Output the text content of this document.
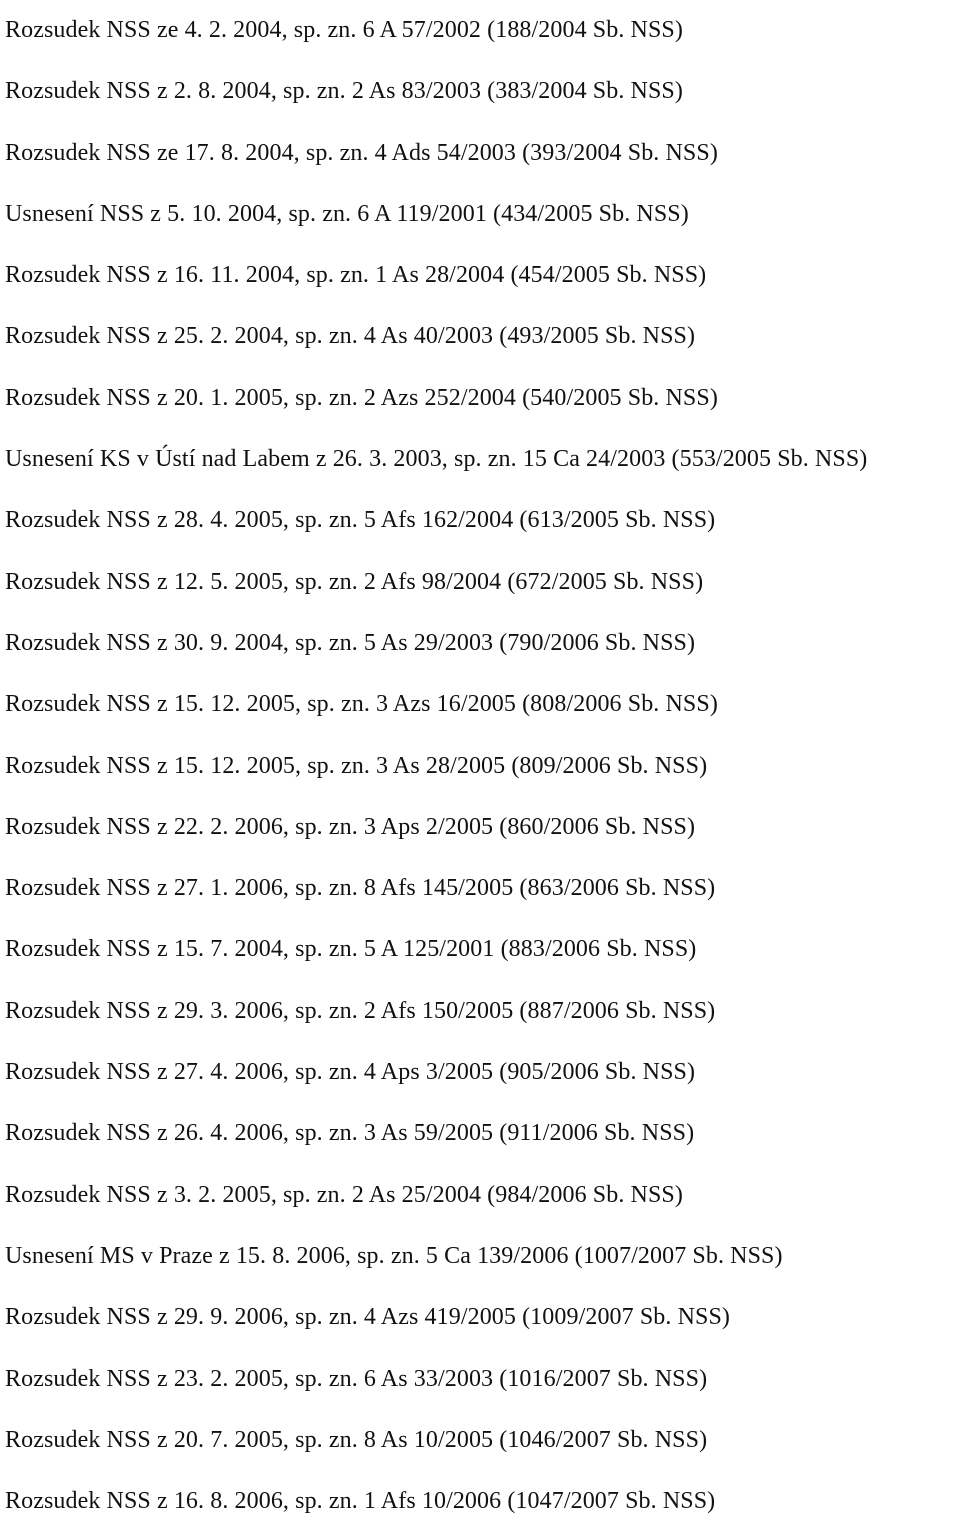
Rozsudek NSS ze 4. 2. 2004, sp. zn. 6 A 57/2002 (188/2004 Sb. NSS)
Rozsudek NSS z 2. 8. 2004, sp. zn. 2 As 83/2003 (383/2004 Sb. NSS)
Rozsudek NSS ze 17. 8. 2004, sp. zn. 4 Ads 54/2003 (393/2004 Sb. NSS)
Usnesení NSS z 5. 10. 2004, sp. zn. 6 A 119/2001 (434/2005 Sb. NSS)
Rozsudek NSS z 16. 11. 2004, sp. zn. 1 As 28/2004 (454/2005 Sb. NSS)
Rozsudek NSS z 25. 2. 2004, sp. zn. 4 As 40/2003 (493/2005 Sb. NSS)
Rozsudek NSS z 20. 1. 2005, sp. zn. 2 Azs 252/2004 (540/2005 Sb. NSS)
Usnesení KS v Ústí nad Labem z 26. 3. 2003, sp. zn. 15 Ca 24/2003 (553/2005 Sb. NSS)
Rozsudek NSS z 28. 4. 2005, sp. zn. 5 Afs 162/2004 (613/2005 Sb. NSS)
Rozsudek NSS z 12. 5. 2005, sp. zn. 2 Afs 98/2004 (672/2005 Sb. NSS)
Rozsudek NSS z 30. 9. 2004, sp. zn. 5 As 29/2003 (790/2006 Sb. NSS)
Rozsudek NSS z 15. 12. 2005, sp. zn. 3 Azs 16/2005 (808/2006 Sb. NSS)
Rozsudek NSS z 15. 12. 2005, sp. zn. 3 As 28/2005 (809/2006 Sb. NSS)
Rozsudek NSS z 22. 2. 2006, sp. zn. 3 Aps 2/2005 (860/2006 Sb. NSS)
Rozsudek NSS z 27. 1. 2006, sp. zn. 8 Afs 145/2005 (863/2006 Sb. NSS)
Rozsudek NSS z 15. 7. 2004, sp. zn. 5 A 125/2001 (883/2006 Sb. NSS)
Rozsudek NSS z 29. 3. 2006, sp. zn. 2 Afs 150/2005 (887/2006 Sb. NSS)
Rozsudek NSS z 27. 4. 2006, sp. zn. 4 Aps 3/2005 (905/2006 Sb. NSS)
Rozsudek NSS z 26. 4. 2006, sp. zn. 3 As 59/2005 (911/2006 Sb. NSS)
Rozsudek NSS z 3. 2. 2005, sp. zn. 2 As 25/2004 (984/2006 Sb. NSS)
Usnesení MS v Praze z 15. 8. 2006, sp. zn. 5 Ca 139/2006 (1007/2007 Sb. NSS)
Rozsudek NSS z 29. 9. 2006, sp. zn. 4 Azs 419/2005 (1009/2007 Sb. NSS)
Rozsudek NSS z 23. 2. 2005, sp. zn. 6 As 33/2003 (1016/2007 Sb. NSS)
Rozsudek NSS z 20. 7. 2005, sp. zn. 8 As 10/2005 (1046/2007 Sb. NSS)
Rozsudek NSS z 16. 8. 2006, sp. zn. 1 Afs 10/2006 (1047/2007 Sb. NSS)
